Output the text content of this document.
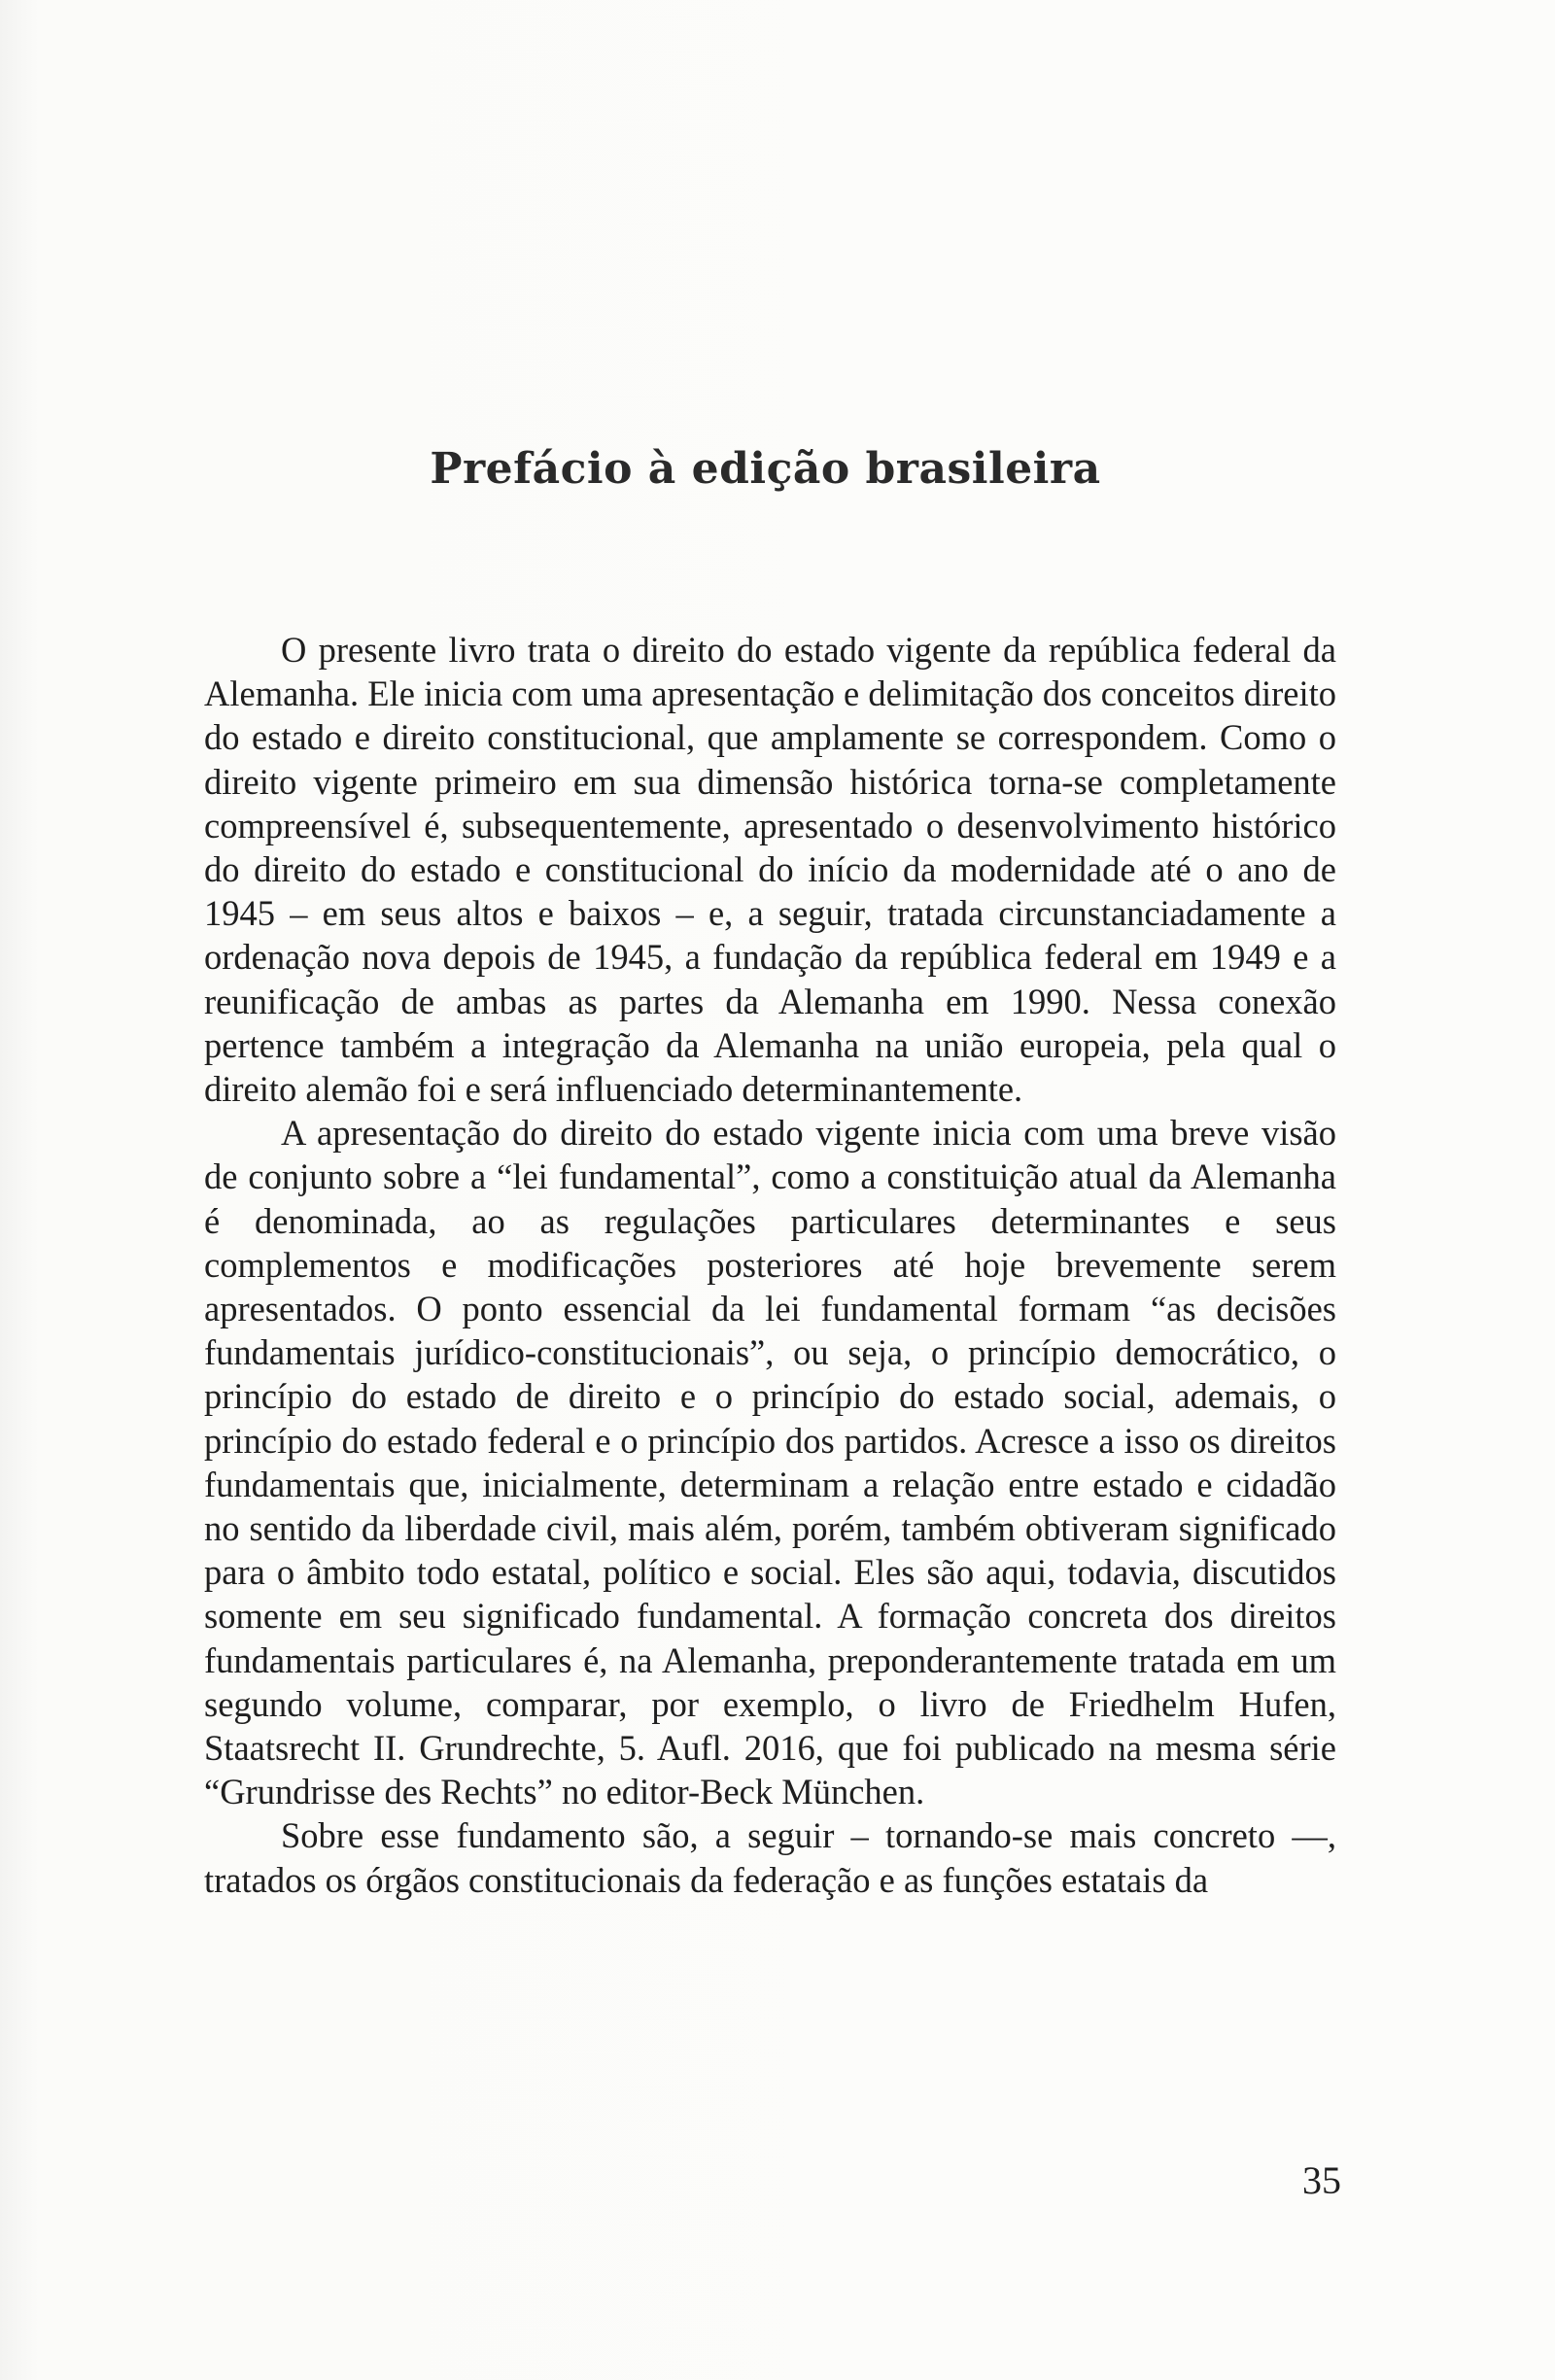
Prefácio à edição brasileira

O presente livro trata o direito do estado vigente da república federal da Alemanha. Ele inicia com uma apresentação e delimitação dos conceitos direito do estado e direito constitucional, que amplamente se correspondem. Como o direito vigente primeiro em sua dimensão histórica torna-se completamente compreensível é, subsequentemente, apresentado o desenvolvimento histórico do direito do estado e constitucional do início da modernidade até o ano de 1945 – em seus altos e baixos – e, a seguir, tratada circunstanciadamente a ordenação nova depois de 1945, a fundação da república federal em 1949 e a reunificação de ambas as partes da Alemanha em 1990. Nessa conexão pertence também a integração da Alemanha na união europeia, pela qual o direito alemão foi e será influenciado determinantemente.

A apresentação do direito do estado vigente inicia com uma breve visão de conjunto sobre a “lei fundamental”, como a constituição atual da Alemanha é denominada, ao as regulações particulares determinantes e seus complementos e modificações posteriores até hoje brevemente serem apresentados. O ponto essencial da lei fundamental formam “as decisões fundamentais jurídico-constitucionais”, ou seja, o princípio democrático, o princípio do estado de direito e o princípio do estado social, ademais, o princípio do estado federal e o princípio dos partidos. Acresce a isso os direitos fundamentais que, inicialmente, determinam a relação entre estado e cidadão no sentido da liberdade civil, mais além, porém, também obtiveram significado para o âmbito todo estatal, político e social. Eles são aqui, todavia, discutidos somente em seu significado fundamental. A formação concreta dos direitos fundamentais particulares é, na Alemanha, preponderantemente tratada em um segundo volume, comparar, por exemplo, o livro de Friedhelm Hufen, Staatsrecht II. Grundrechte, 5. Aufl. 2016, que foi publicado na mesma série “Grundrisse des Rechts” no editor-Beck München.

Sobre esse fundamento são, a seguir – tornando-se mais concreto —, tratados os órgãos constitucionais da federação e as funções estatais da

35
